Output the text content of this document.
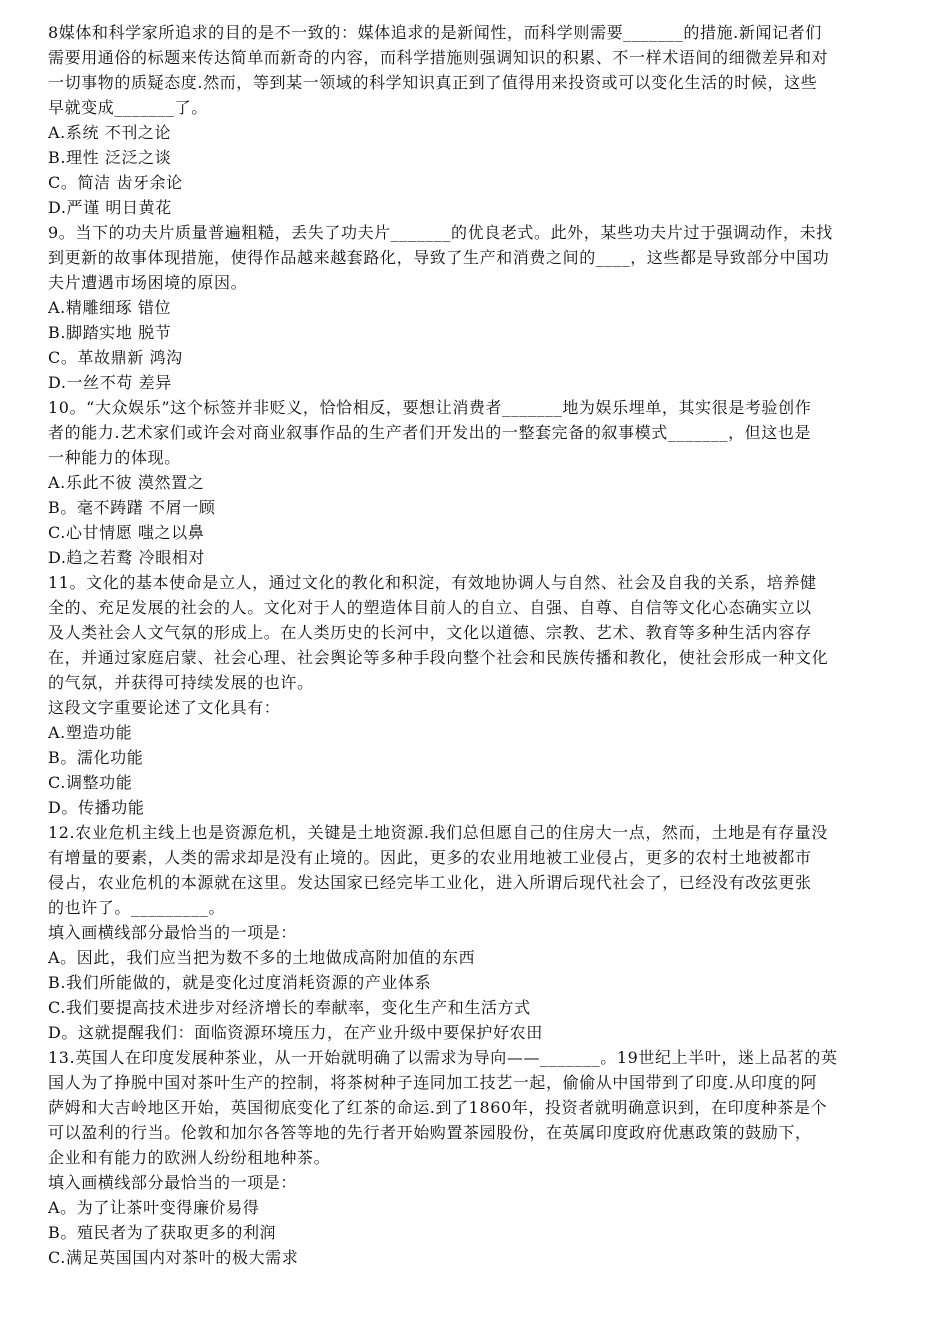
8媒体和科学家所追求的目的是不一致的：媒体追求的是新闻性，而科学则需要_______的措施.新闻记者们
需要用通俗的标题来传达简单而新奇的内容，而科学措施则强调知识的积累、不一样术语间的细微差异和对
一切事物的质疑态度.然而，等到某一领域的科学知识真正到了值得用来投资或可以变化生活的时候，这些
早就变成_______了。
A.系统 不刊之论
B.理性 泛泛之谈
C。简洁 齿牙余论
D.严谨 明日黄花
9。当下的功夫片质量普遍粗糙，丢失了功夫片_______的优良老式。此外，某些功夫片过于强调动作，未找
到更新的故事体现措施，使得作品越来越套路化，导致了生产和消费之间的____，这些都是导致部分中国功
夫片遭遇市场困境的原因。
A.精雕细琢 错位
B.脚踏实地 脱节
C。革故鼎新 鸿沟
D.一丝不苟 差异
10。“大众娱乐”这个标签并非贬义，恰恰相反，要想让消费者_______地为娱乐埋单，其实很是考验创作
者的能力.艺术家们或许会对商业叙事作品的生产者们开发出的一整套完备的叙事模式_______，但这也是
一种能力的体现。
A.乐此不彼 漠然置之
B。毫不踌躇 不屑一顾
C.心甘情愿 嗤之以鼻
D.趋之若鹜 冷眼相对
11。文化的基本使命是立人，通过文化的教化和积淀，有效地协调人与自然、社会及自我的关系，培养健
全的、充足发展的社会的人。文化对于人的塑造体目前人的自立、自强、自尊、自信等文化心态确实立以
及人类社会人文气氛的形成上。在人类历史的长河中，文化以道德、宗教、艺术、教育等多种生活内容存
在，并通过家庭启蒙、社会心理、社会舆论等多种手段向整个社会和民族传播和教化，使社会形成一种文化
的气氛，并获得可持续发展的也许。
这段文字重要论述了文化具有：
A.塑造功能
B。濡化功能
C.调整功能
D。传播功能
12.农业危机主线上也是资源危机，关键是土地资源.我们总但愿自己的住房大一点，然而，土地是有存量没
有增量的要素，人类的需求却是没有止境的。因此，更多的农业用地被工业侵占，更多的农村土地被都市
侵占，农业危机的本源就在这里。发达国家已经完毕工业化，进入所谓后现代社会了，已经没有改弦更张
的也许了。_________。
填入画横线部分最恰当的一项是：
A。因此，我们应当把为数不多的土地做成高附加值的东西
B.我们所能做的，就是变化过度消耗资源的产业体系
C.我们要提高技术进步对经济增长的奉献率，变化生产和生活方式
D。这就提醒我们：面临资源环境压力，在产业升级中要保护好农田
13.英国人在印度发展种茶业，从一开始就明确了以需求为导向——_______。19世纪上半叶，迷上品茗的英
国人为了挣脱中国对茶叶生产的控制，将茶树种子连同加工技艺一起，偷偷从中国带到了印度.从印度的阿
萨姆和大吉岭地区开始，英国彻底变化了红茶的命运.到了1860年，投资者就明确意识到，在印度种茶是个
可以盈利的行当。伦敦和加尔各答等地的先行者开始购置茶园股份，在英属印度政府优惠政策的鼓励下，
企业和有能力的欧洲人纷纷租地种茶。
填入画横线部分最恰当的一项是：
A。为了让茶叶变得廉价易得
B。殖民者为了获取更多的利润
C.满足英国国内对茶叶的极大需求
